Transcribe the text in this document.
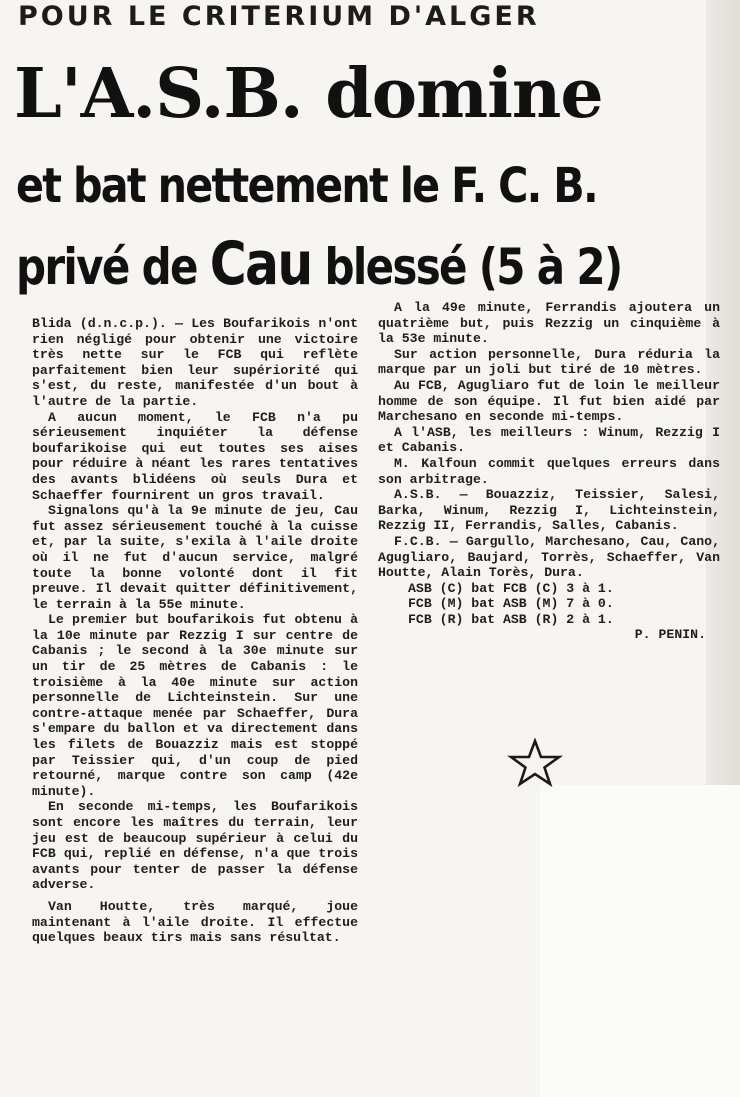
POUR LE CRITERIUM D'ALGER
L'A.S.B. domine
et bat nettement le F. C. B.
privé de Cau blessé (5 à 2)

Blida (d.n.c.p.). — Les Boufarikois n'ont rien négligé pour obtenir une victoire très nette sur le FCB qui reflète parfaitement bien leur supériorité qui s'est, du reste, manifestée d'un bout à l'autre de la partie.

A aucun moment, le FCB n'a pu sérieusement inquiéter la défense boufarikoise qui eut toutes ses aises pour réduire à néant les rares tentatives des avants blidéens où seuls Dura et Schaeffer fournirent un gros travail.

Signalons qu'à la 9e minute de jeu, Cau fut assez sérieusement touché à la cuisse et, par la suite, s'exila à l'aile droite où il ne fut d'aucun service, malgré toute la bonne volonté dont il fit preuve. Il devait quitter définitivement, le terrain à la 55e minute.

Le premier but boufarikois fut obtenu à la 10e minute par Rezzig I sur centre de Cabanis ; le second à la 30e minute sur un tir de 25 mètres de Cabanis : le troisième à la 40e minute sur action personnelle de Lichteinstein. Sur une contre-attaque menée par Schaeffer, Dura s'empare du ballon et va directement dans les filets de Bouazziz mais est stoppé par Teissier qui, d'un coup de pied retourné, marque contre son camp (42e minute).

En seconde mi-temps, les Boufarikois sont encore les maîtres du terrain, leur jeu est de beaucoup supérieur à celui du FCB qui, replié en défense, n'a que trois avants pour tenter de passer la défense adverse.

Van Houtte, très marqué, joue maintenant à l'aile droite. Il effectue quelques beaux tirs mais sans résultat.

A la 49e minute, Ferrandis ajoutera un quatrième but, puis Rezzig un cinquième à la 53e minute.

Sur action personnelle, Dura réduria la marque par un joli but tiré de 10 mètres.

Au FCB, Agugliaro fut de loin le meilleur homme de son équipe. Il fut bien aidé par Marchesano en seconde mi-temps.

A l'ASB, les meilleurs : Winum, Rezzig I et Cabanis.

M. Kalfoun commit quelques erreurs dans son arbitrage.

A.S.B. — Bouazziz, Teissier, Salesi, Barka, Winum, Rezzig I, Lichteinstein, Rezzig II, Ferrandis, Salles, Cabanis.

F.C.B. — Gargullo, Marchesano, Cau, Cano, Agugliaro, Baujard, Torrès, Schaeffer, Van Houtte, Alain Torès, Dura.

ASB (C) bat FCB (C) 3 à 1.

FCB (M) bat ASB (M) 7 à 0.

FCB (R) bat ASB (R) 2 à 1.

P. PENIN.
